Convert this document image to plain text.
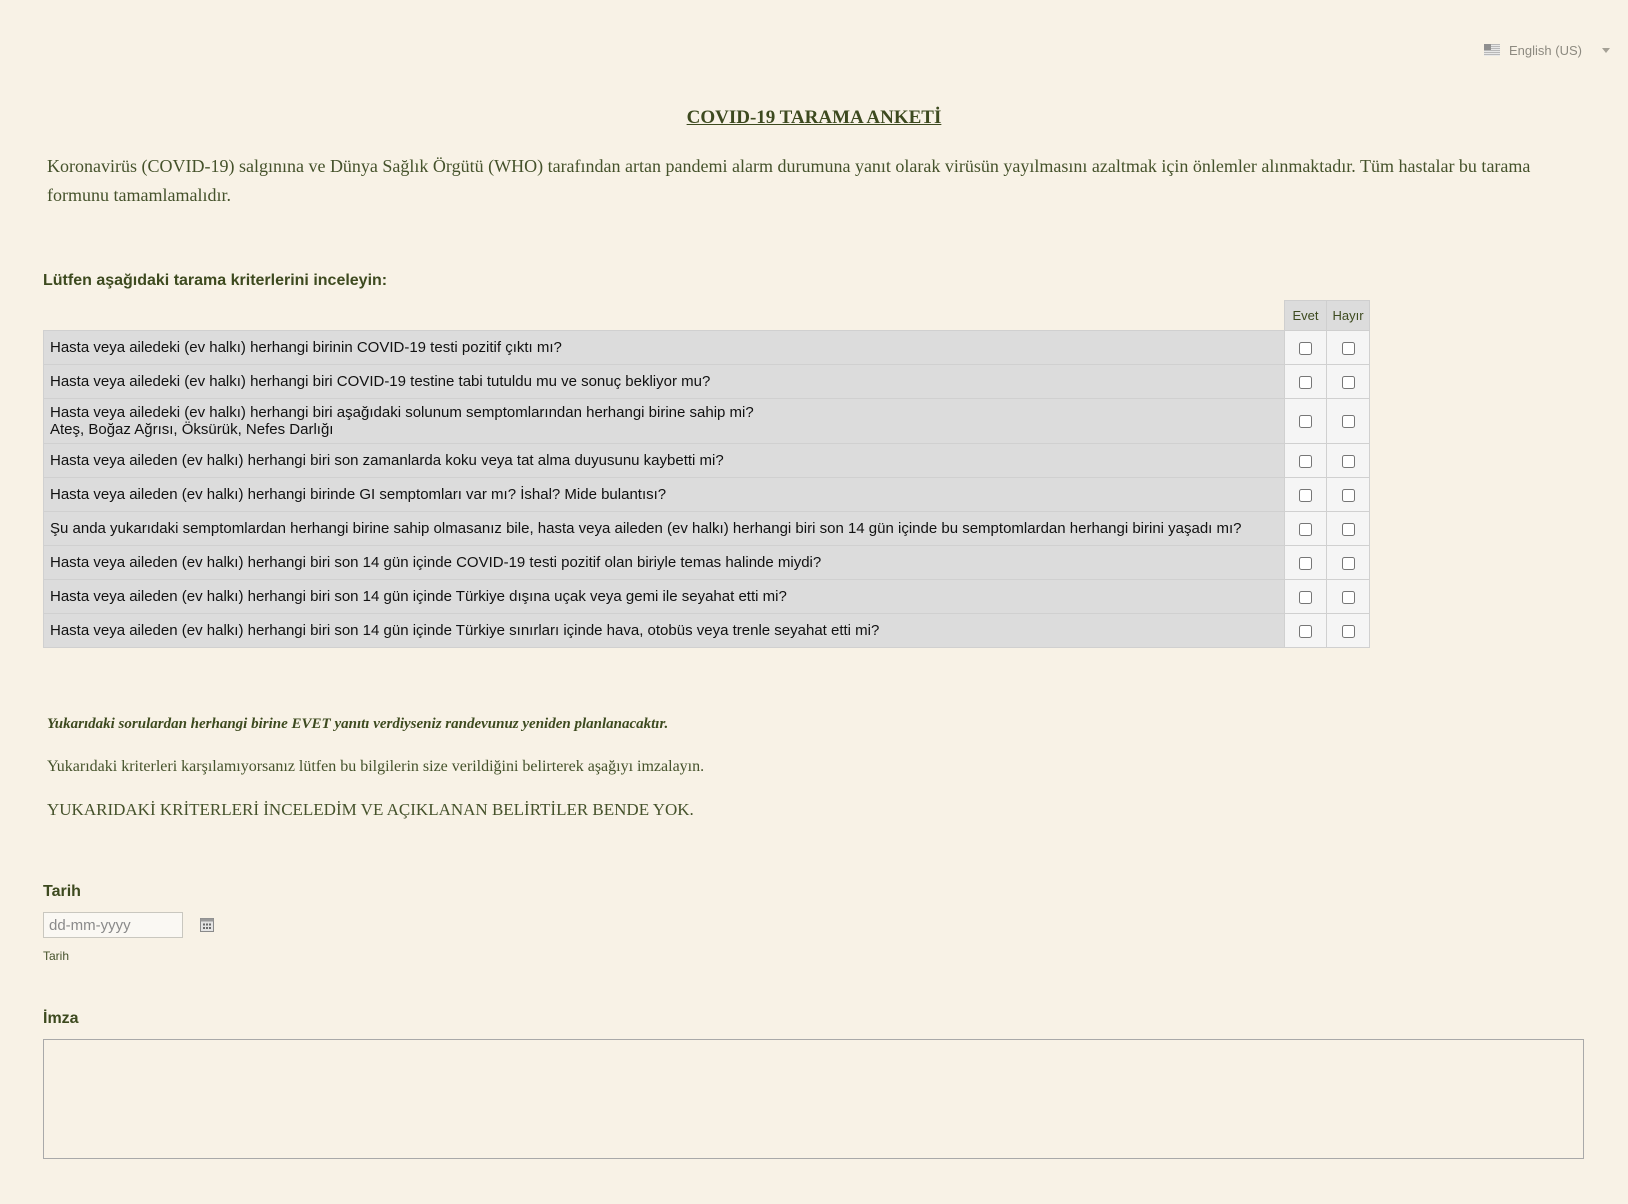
English (US)
COVID-19 TARAMA ANKETİ
Koronavirüs (COVID-19) salgınına ve Dünya Sağlık Örgütü (WHO) tarafından artan pandemi alarm durumuna yanıt olarak virüsün yayılmasını azaltmak için önlemler alınmaktadır. Tüm hastalar bu tarama formunu tamamlamalıdır.
Lütfen aşağıdaki tarama kriterlerini inceleyin:
	Evet	Hayır
Hasta veya ailedeki (ev halkı) herhangi birinin COVID-19 testi pozitif çıktı mı?		
Hasta veya ailedeki (ev halkı) herhangi biri COVID-19 testine tabi tutuldu mu ve sonuç bekliyor mu?		
Hasta veya ailedeki (ev halkı) herhangi biri aşağıdaki solunum semptomlarından herhangi birine sahip mi?
Ateş, Boğaz Ağrısı, Öksürük, Nefes Darlığı		
Hasta veya aileden (ev halkı) herhangi biri son zamanlarda koku veya tat alma duyusunu kaybetti mi?		
Hasta veya aileden (ev halkı) herhangi birinde GI semptomları var mı? İshal? Mide bulantısı?		
Şu anda yukarıdaki semptomlardan herhangi birine sahip olmasanız bile, hasta veya aileden (ev halkı) herhangi biri son 14 gün içinde bu semptomlardan herhangi birini yaşadı mı?		
Hasta veya aileden (ev halkı) herhangi biri son 14 gün içinde COVID-19 testi pozitif olan biriyle temas halinde miydi?		
Hasta veya aileden (ev halkı) herhangi biri son 14 gün içinde Türkiye dışına uçak veya gemi ile seyahat etti mi?		
Hasta veya aileden (ev halkı) herhangi biri son 14 gün içinde Türkiye sınırları içinde hava, otobüs veya trenle seyahat etti mi?		
Yukarıdaki sorulardan herhangi birine EVET yanıtı verdiyseniz randevunuz yeniden planlanacaktır.
Yukarıdaki kriterleri karşılamıyorsanız lütfen bu bilgilerin size verildiğini belirterek aşağıyı imzalayın.
YUKARIDAKİ KRİTERLERİ İNCELEDİM VE AÇIKLANAN BELİRTİLER BENDE YOK.
Tarih
dd-mm-yyyy
Tarih
İmza
